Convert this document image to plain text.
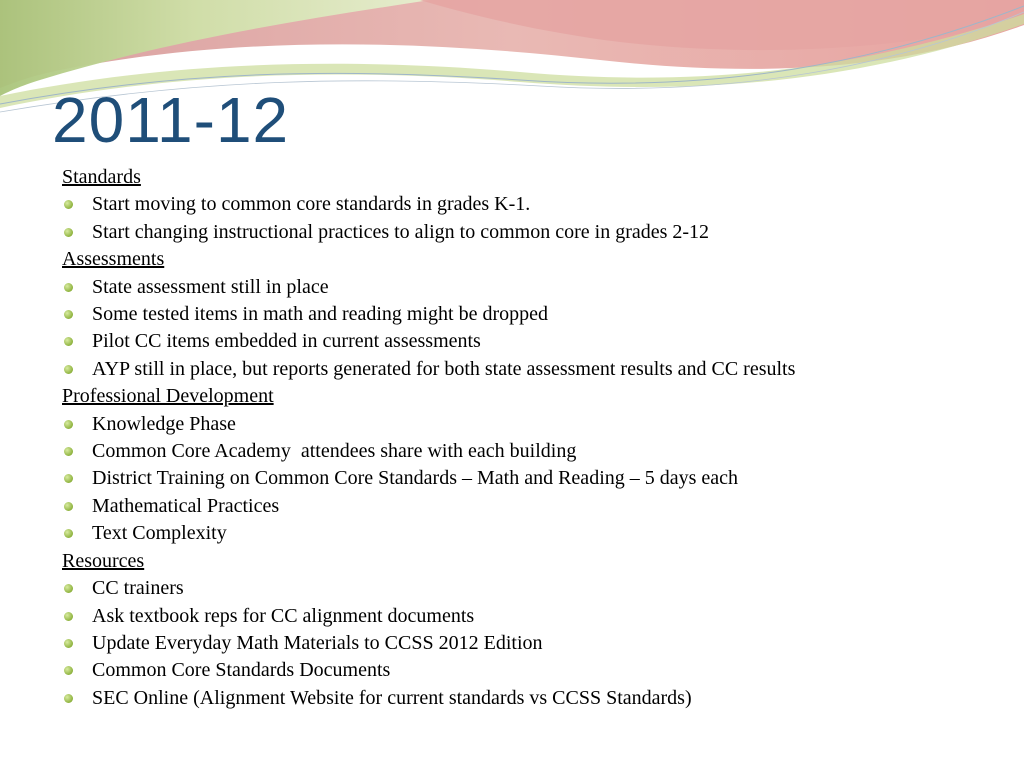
2011-12
Standards
Start moving to common core standards in grades K-1.
Start changing instructional practices to align to common core in grades 2-12
Assessments
State assessment still in place
Some tested items in math and reading might be dropped
Pilot CC items embedded in current assessments
AYP still in place, but reports generated for both state assessment results and CC results
Professional Development
Knowledge Phase
Common Core Academy  attendees share with each building
District Training on Common Core Standards – Math and Reading – 5 days each
Mathematical Practices
Text Complexity
Resources
CC trainers
Ask textbook reps for CC alignment documents
Update Everyday Math Materials to CCSS 2012 Edition
Common Core Standards Documents
SEC Online (Alignment Website for current standards vs CCSS Standards)
